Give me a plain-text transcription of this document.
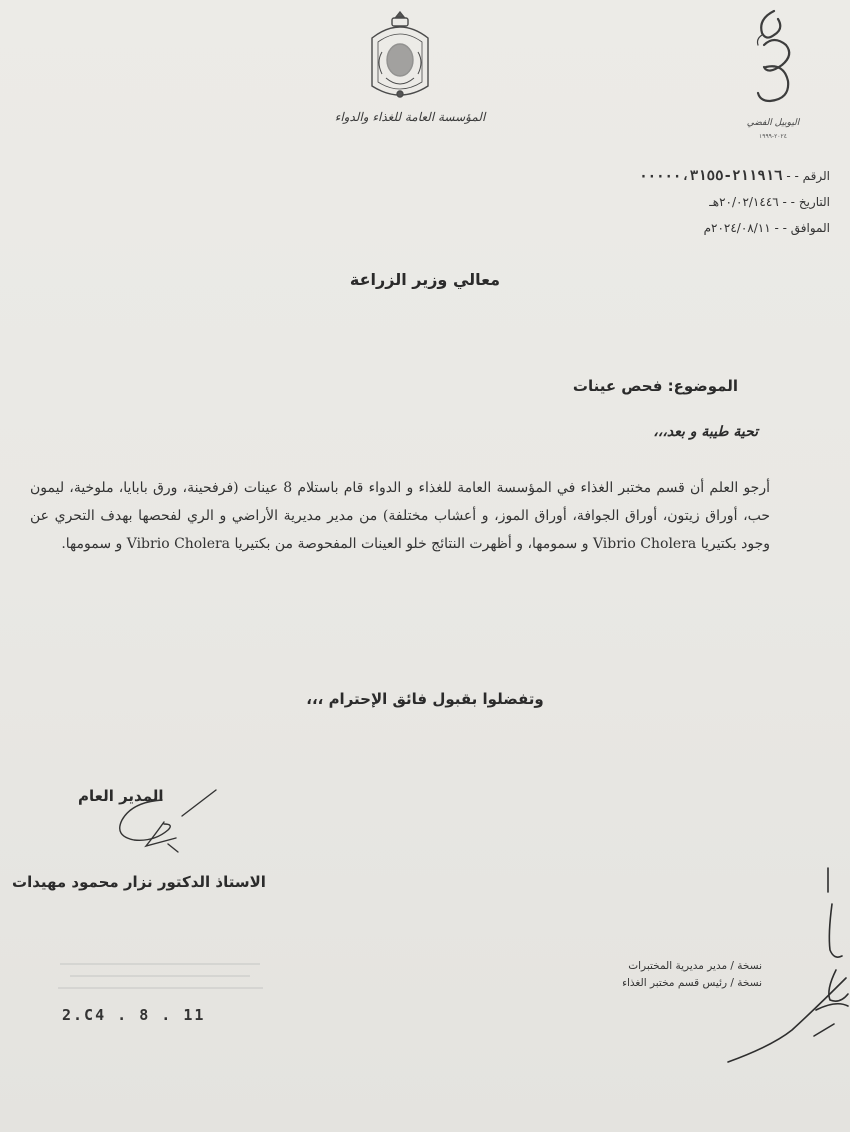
المؤسسة العامة للغذاء والدواء	اليوبيل الفضي
٢٠٢٤-١٩٩٩
الرقم - - ٢١١٩١٦-٠٠٠٠٠،٣١٥٥
التاريخ - - ٢٠/٠٢/١٤٤٦هـ
الموافق - - ٢٠٢٤/٠٨/١١م
معالي وزير الزراعة
الموضوع: فحص عينات
تحية طيبة و بعد،،،
أرجو العلم أن قسم مختبر الغذاء في المؤسسة العامة للغذاء و الدواء قام باستلام 8 عينات (فرفحينة، ورق بابايا، ملوخية، ليمون حب، أوراق زيتون، أوراق الجوافة، أوراق الموز، و أعشاب مختلفة) من مدير مديرية الأراضي و الري لفحصها بهدف التحري عن وجود بكتيريا Vibrio Cholera و سمومها، و أظهرت النتائج خلو العينات المفحوصة من بكتيريا Vibrio Cholera و سمومها.
وتفضلوا بقبول فائق الإحترام ،،،
المدير العام
الاستاذ الدكتور نزار محمود مهيدات
نسخة / مدير مديرية المختبرات
نسخة / رئيس قسم مختبر الغذاء
2.C4 . 8 . 11
